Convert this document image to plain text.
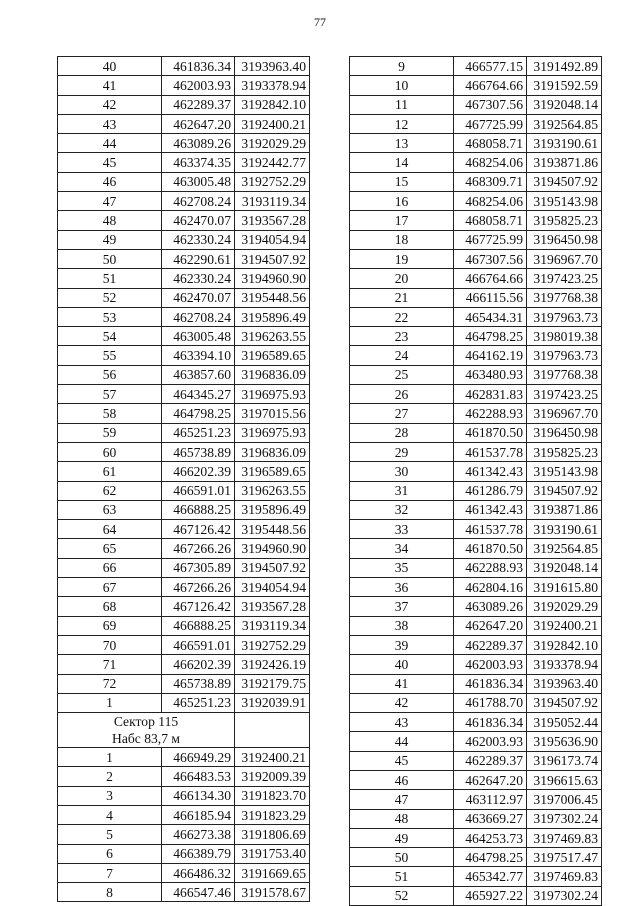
77
40	461836.34	3193963.40
41	462003.93	3193378.94
42	462289.37	3192842.10
43	462647.20	3192400.21
44	463089.26	3192029.29
45	463374.35	3192442.77
46	463005.48	3192752.29
47	462708.24	3193119.34
48	462470.07	3193567.28
49	462330.24	3194054.94
50	462290.61	3194507.92
51	462330.24	3194960.90
52	462470.07	3195448.56
53	462708.24	3195896.49
54	463005.48	3196263.55
55	463394.10	3196589.65
56	463857.60	3196836.09
57	464345.27	3196975.93
58	464798.25	3197015.56
59	465251.23	3196975.93
60	465738.89	3196836.09
61	466202.39	3196589.65
62	466591.01	3196263.55
63	466888.25	3195896.49
64	467126.42	3195448.56
65	467266.26	3194960.90
66	467305.89	3194507.92
67	467266.26	3194054.94
68	467126.42	3193567.28
69	466888.25	3193119.34
70	466591.01	3192752.29
71	466202.39	3192426.19
72	465738.89	3192179.75
1	465251.23	3192039.91
Сектор 115
Набс 83,7 м		
1	466949.29	3192400.21
2	466483.53	3192009.39
3	466134.30	3191823.70
4	466185.94	3191823.29
5	466273.38	3191806.69
6	466389.79	3191753.40
7	466486.32	3191669.65
8	466547.46	3191578.67
9	466577.15	3191492.89
10	466764.66	3191592.59
11	467307.56	3192048.14
12	467725.99	3192564.85
13	468058.71	3193190.61
14	468254.06	3193871.86
15	468309.71	3194507.92
16	468254.06	3195143.98
17	468058.71	3195825.23
18	467725.99	3196450.98
19	467307.56	3196967.70
20	466764.66	3197423.25
21	466115.56	3197768.38
22	465434.31	3197963.73
23	464798.25	3198019.38
24	464162.19	3197963.73
25	463480.93	3197768.38
26	462831.83	3197423.25
27	462288.93	3196967.70
28	461870.50	3196450.98
29	461537.78	3195825.23
30	461342.43	3195143.98
31	461286.79	3194507.92
32	461342.43	3193871.86
33	461537.78	3193190.61
34	461870.50	3192564.85
35	462288.93	3192048.14
36	462804.16	3191615.80
37	463089.26	3192029.29
38	462647.20	3192400.21
39	462289.37	3192842.10
40	462003.93	3193378.94
41	461836.34	3193963.40
42	461788.70	3194507.92
43	461836.34	3195052.44
44	462003.93	3195636.90
45	462289.37	3196173.74
46	462647.20	3196615.63
47	463112.97	3197006.45
48	463669.27	3197302.24
49	464253.73	3197469.83
50	464798.25	3197517.47
51	465342.77	3197469.83
52	465927.22	3197302.24
